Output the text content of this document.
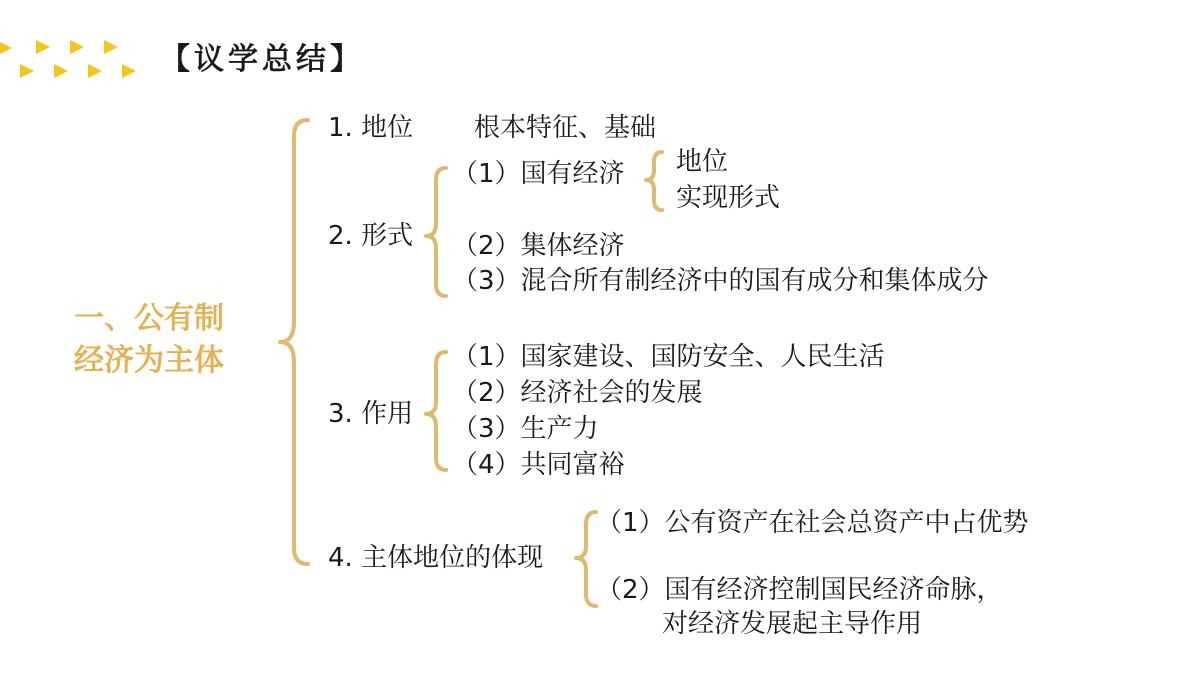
【议学总结】
一、公有制
经济为主体
1. 地位 根本特征、基础
2. 形式
（1）国有经济 地位
实现形式
（2）集体经济
（3）混合所有制经济中的国有成分和集体成分
3. 作用
（1）国家建设、国防安全、人民生活
（2）经济社会的发展
（3）生产力
（4）共同富裕
4. 主体地位的体现
（1）公有资产在社会总资产中占优势
（2）国有经济控制国民经济命脉，
对经济发展起主导作用
